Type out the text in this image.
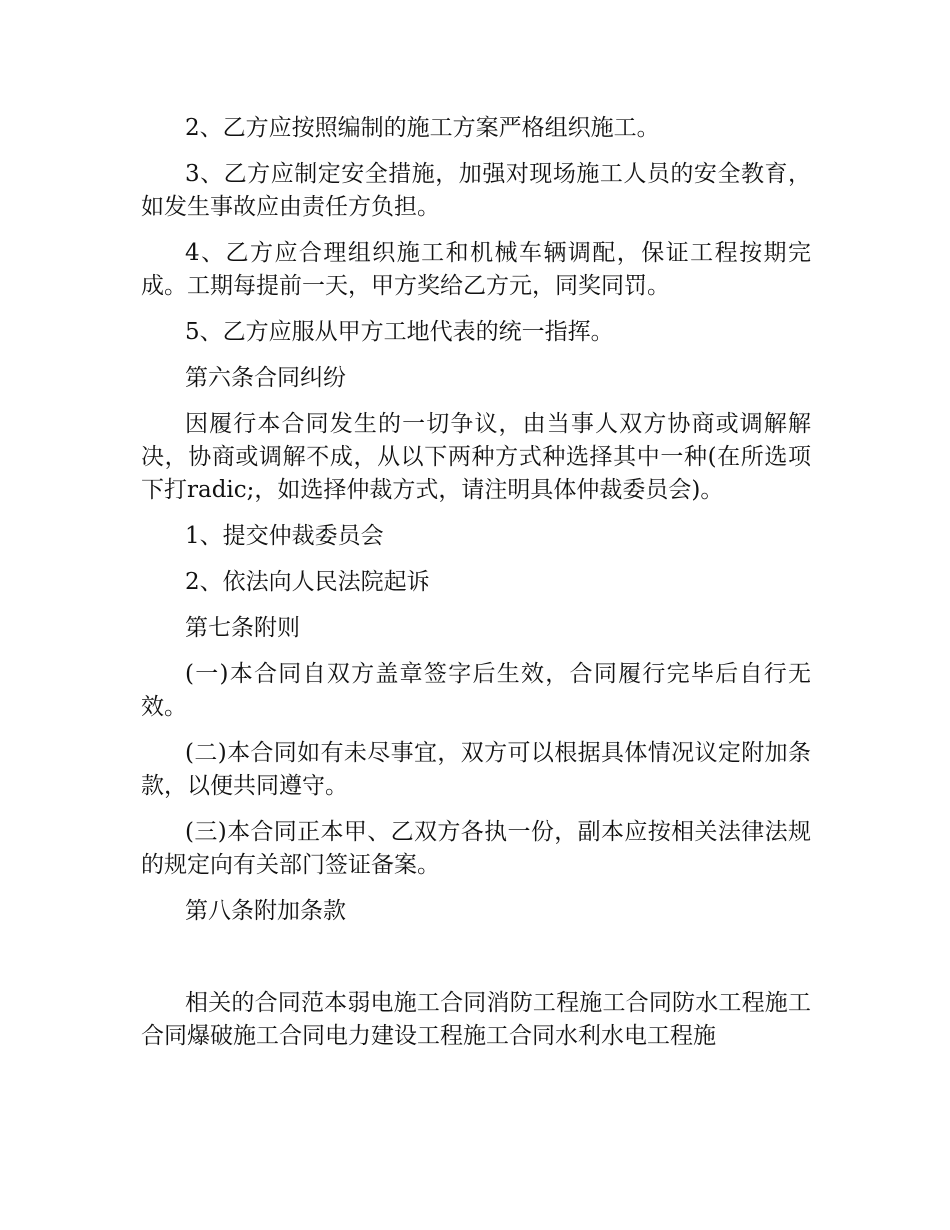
2、乙方应按照编制的施工方案严格组织施工。

3、乙方应制定安全措施，加强对现场施工人员的安全教育，如发生事故应由责任方负担。

4、乙方应合理组织施工和机械车辆调配，保证工程按期完成。工期每提前一天，甲方奖给乙方元，同奖同罚。

5、乙方应服从甲方工地代表的统一指挥。

第六条合同纠纷

因履行本合同发生的一切争议，由当事人双方协商或调解解决，协商或调解不成，从以下两种方式种选择其中一种(在所选项下打radic;，如选择仲裁方式，请注明具体仲裁委员会)。

1、提交仲裁委员会

2、依法向人民法院起诉

第七条附则

(一)本合同自双方盖章签字后生效，合同履行完毕后自行无效。

(二)本合同如有未尽事宜，双方可以根据具体情况议定附加条款，以便共同遵守。

(三)本合同正本甲、乙双方各执一份，副本应按相关法律法规的规定向有关部门签证备案。

第八条附加条款

相关的合同范本弱电施工合同消防工程施工合同防水工程施工合同爆破施工合同电力建设工程施工合同水利水电工程施
